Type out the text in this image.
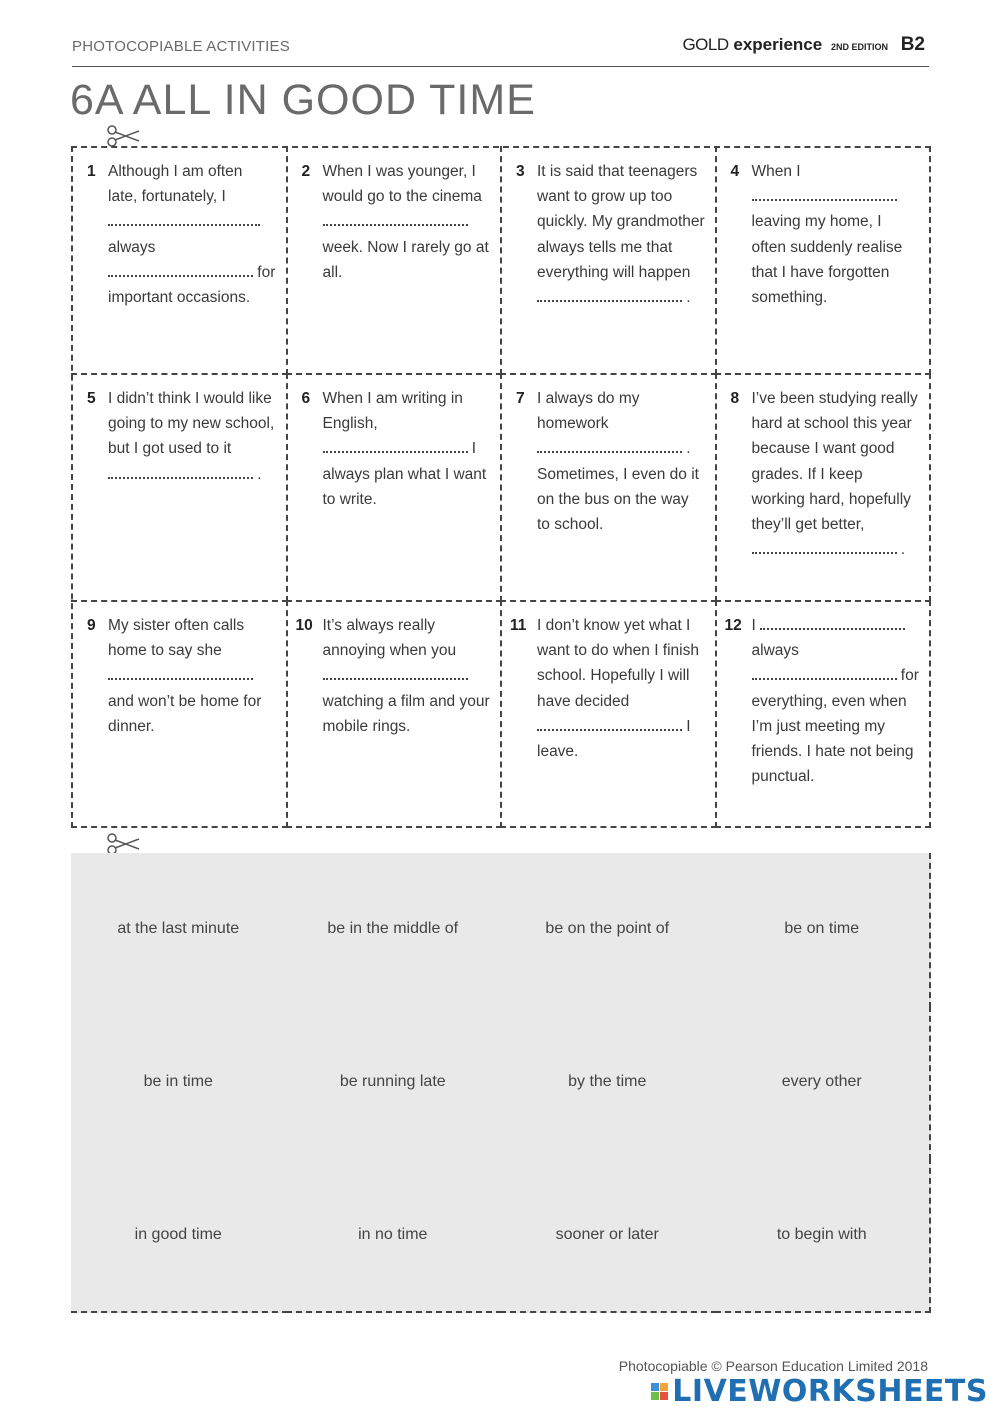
PHOTOCOPIABLE ACTIVITIES	GOLD experience 2ND EDITION B2
6A ALL IN GOOD TIME
1 Although I am often late, fortunately, I  always  for important occasions.
2 When I was younger, I would go to the cinema  week. Now I rarely go at all.
3 It is said that teenagers want to grow up too quickly. My grandmother always tells me that everything will happen  .
4 When I  leaving my home, I often suddenly realise that I have forgotten something.
5 I didn’t think I would like going to my new school, but I got used to it  .
6 When I am writing in English,  I always plan what I want to write.
7 I always do my homework  . Sometimes, I even do it on the bus on the way to school.
8 I’ve been studying really hard at school this year because I want good grades. If I keep working hard, hopefully they’ll get better,  .
9 My sister often calls home to say she  and won’t be home for dinner.
10 It’s always really annoying when you  watching a film and your mobile rings.
11 I don’t know yet what I want to do when I finish school. Hopefully I will have decided  I leave.
12 I  always  for everything, even when I’m just meeting my friends. I hate not being punctual.
at the last minute	be in the middle of	be on the point of	be on time
be in time	be running late	by the time	every other
in good time	in no time	sooner or later	to begin with
Photocopiable © Pearson Education Limited 2018
LIVEWORKSHEETS
